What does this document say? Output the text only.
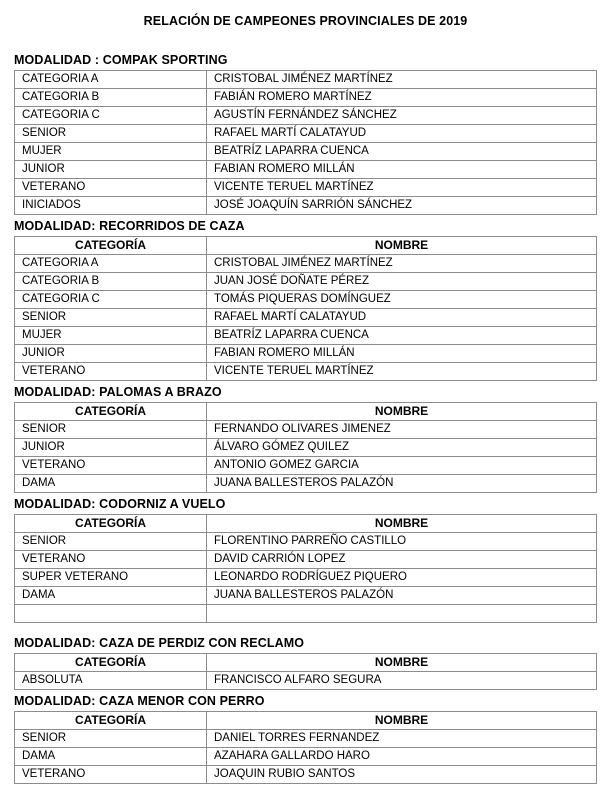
RELACIÓN DE CAMPEONES PROVINCIALES DE 2019
MODALIDAD : COMPAK SPORTING
CATEGORIA A	CRISTOBAL JIMÉNEZ MARTÍNEZ
CATEGORIA B	FABIÁN ROMERO MARTÍNEZ
CATEGORIA C	AGUSTÍN FERNÁNDEZ SÁNCHEZ
SENIOR	RAFAEL MARTÍ CALATAYUD
MUJER	BEATRÍZ LAPARRA CUENCA
JUNIOR	FABIAN ROMERO MILLÁN
VETERANO	VICENTE TERUEL MARTÍNEZ
INICIADOS	JOSÉ JOAQUÍN SARRIÓN SÁNCHEZ
MODALIDAD: RECORRIDOS DE CAZA
CATEGORÍA	NOMBRE
CATEGORIA A	CRISTOBAL JIMÉNEZ MARTÍNEZ
CATEGORIA B	JUAN JOSÉ DOÑATE PÉREZ
CATEGORIA C	TOMÁS PIQUERAS DOMÍNGUEZ
SENIOR	RAFAEL MARTÍ CALATAYUD
MUJER	BEATRÍZ LAPARRA CUENCA
JUNIOR	FABIAN ROMERO MILLÁN
VETERANO	VICENTE TERUEL MARTÍNEZ
MODALIDAD: PALOMAS A BRAZO
CATEGORÍA	NOMBRE
SENIOR	FERNANDO OLIVARES JIMENEZ
JUNIOR	ÁLVARO GÓMEZ QUILEZ
VETERANO	ANTONIO GOMEZ GARCIA
DAMA	JUANA BALLESTEROS PALAZÓN
MODALIDAD: CODORNIZ A VUELO
CATEGORÍA	NOMBRE
SENIOR	FLORENTINO PARREÑO CASTILLO
VETERANO	DAVID CARRIÓN LOPEZ
SUPER VETERANO	LEONARDO RODRÍGUEZ PIQUERO
DAMA	JUANA BALLESTEROS PALAZÓN

MODALIDAD: CAZA DE PERDIZ CON RECLAMO
CATEGORÍA	NOMBRE
ABSOLUTA	FRANCISCO ALFARO SEGURA
MODALIDAD: CAZA MENOR CON PERRO
CATEGORÍA	NOMBRE
SENIOR	DANIEL TORRES FERNANDEZ
DAMA	AZAHARA GALLARDO HARO
VETERANO	JOAQUIN RUBIO SANTOS
